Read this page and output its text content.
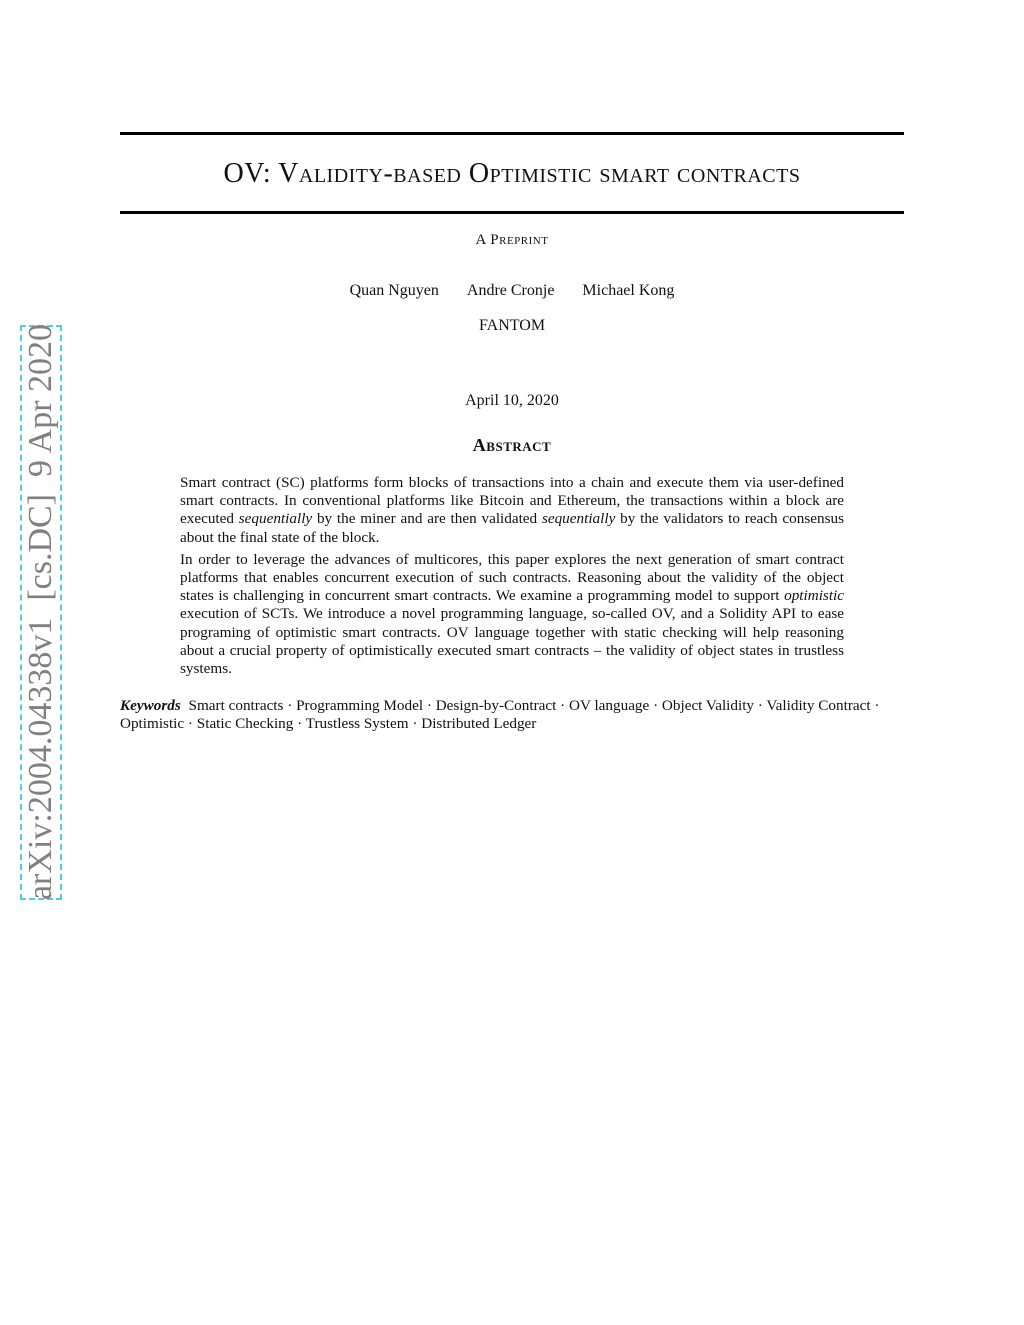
arXiv:2004.04338v1  [cs.DC]  9 Apr 2020
OV: Validity-based Optimistic smart contracts
A Preprint
Quan Nguyen Andre Cronje Michael Kong
FANTOM
April 10, 2020
Abstract

Smart contract (SC) platforms form blocks of transactions into a chain and execute them via user-defined smart contracts. In conventional platforms like Bitcoin and Ethereum, the transactions within a block are executed sequentially by the miner and are then validated sequentially by the validators to reach consensus about the final state of the block.

In order to leverage the advances of multicores, this paper explores the next generation of smart contract platforms that enables concurrent execution of such contracts. Reasoning about the validity of the object states is challenging in concurrent smart contracts. We examine a programming model to support optimistic execution of SCTs. We introduce a novel programming language, so-called OV, and a Solidity API to ease programing of optimistic smart contracts. OV language together with static checking will help reasoning about a crucial property of optimistically executed smart contracts – the validity of object states in trustless systems.

Keywords Smart contracts · Programming Model · Design-by-Contract · OV language · Object Validity · Validity Contract · Optimistic · Static Checking · Trustless System · Distributed Ledger
